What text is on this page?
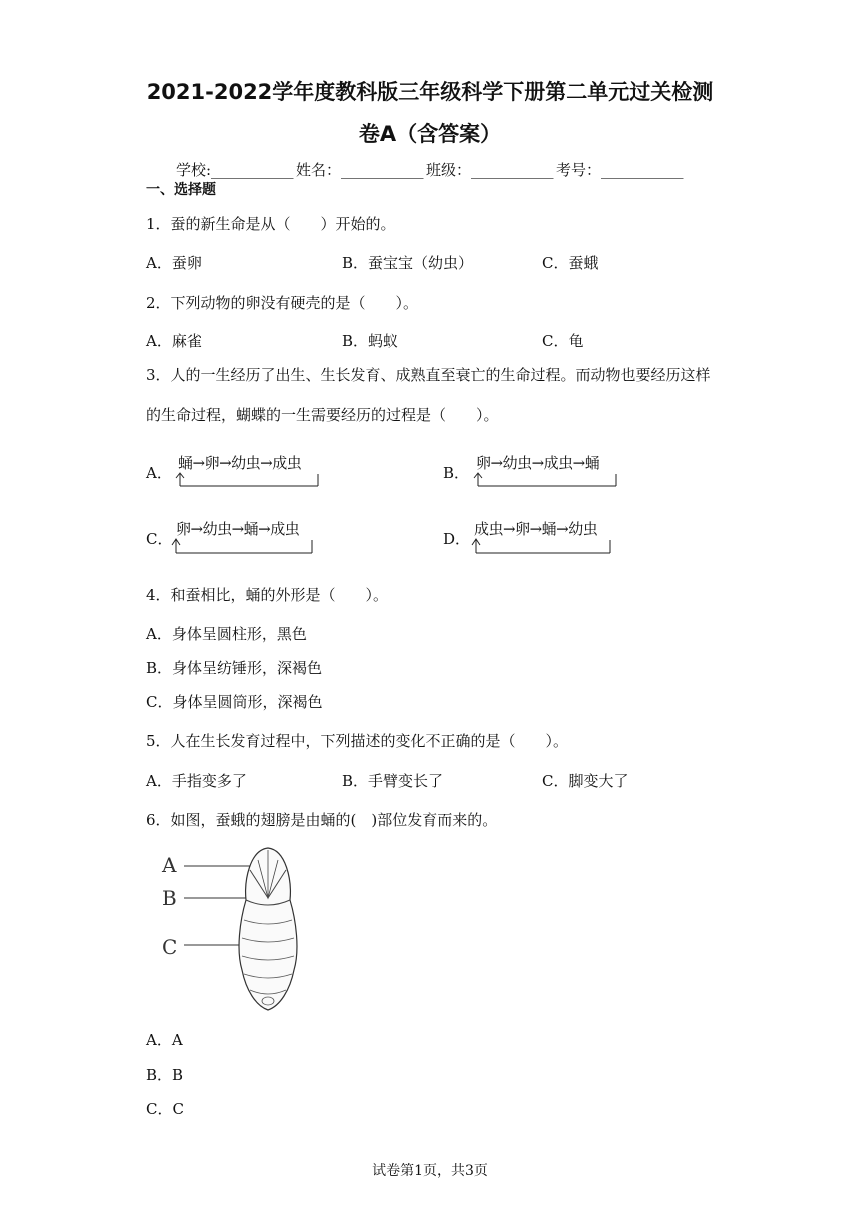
2021-2022学年度教科版三年级科学下册第二单元过关检测
卷A（含答案）
学校:___________ 姓名：___________ 班级：___________ 考号：___________
一、选择题
1．蚕的新生命是从（　　）开始的。
A．蚕卵	B．蚕宝宝（幼虫）	C．蚕蛾
2．下列动物的卵没有硬壳的是（　　）。
A．麻雀	B．蚂蚁	C．龟
3．人的一生经历了出生、生长发育、成熟直至衰亡的生命过程。而动物也要经历这样
的生命过程，蝴蝶的一生需要经历的过程是（　　）。
A．
蛹→卵→幼虫→成虫
B．
卵→幼虫→成虫→蛹
C．
卵→幼虫→蛹→成虫
D．
成虫→卵→蛹→幼虫
4．和蚕相比，蛹的外形是（　　）。
A．身体呈圆柱形，黑色
B．身体呈纺锤形，深褐色
C．身体呈圆筒形，深褐色
5．人在生长发育过程中，下列描述的变化不正确的是（　　）。
A．手指变多了	B．手臂变长了	C．脚变大了
6．如图，蚕蛾的翅膀是由蛹的(　)部位发育而来的。
A
B
C
A．A
B．B
C．C
试卷第1页，共3页
